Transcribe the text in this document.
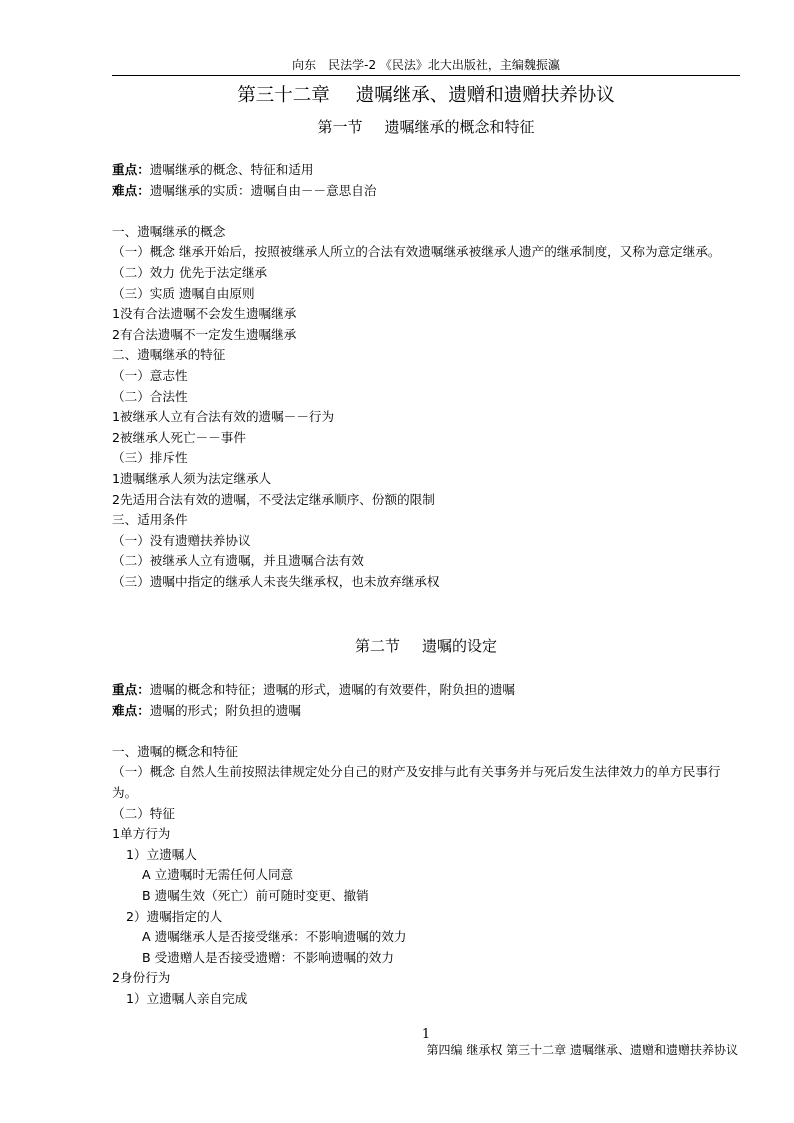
向东　民法学-2 《民法》北大出版社，主编魏振瀛
第三十二章 遗嘱继承、遗赠和遗赠扶养协议
第一节 遗嘱继承的概念和特征

重点：遗嘱继承的概念、特征和适用

难点：遗嘱继承的实质：遗嘱自由－－意思自治

一、遗嘱继承的概念

（一）概念 继承开始后，按照被继承人所立的合法有效遗嘱继承被继承人遗产的继承制度，又称为意定继承。

（二）效力 优先于法定继承

（三）实质 遗嘱自由原则

1没有合法遗嘱不会发生遗嘱继承

2有合法遗嘱不一定发生遗嘱继承

二、遗嘱继承的特征

（一）意志性

（二）合法性

1被继承人立有合法有效的遗嘱－－行为

2被继承人死亡－－事件

（三）排斥性

1遗嘱继承人须为法定继承人

2先适用合法有效的遗嘱，不受法定继承顺序、份额的限制

三、适用条件

（一）没有遗赠扶养协议

（二）被继承人立有遗嘱，并且遗嘱合法有效

（三）遗嘱中指定的继承人未丧失继承权，也未放弃继承权

第二节 遗嘱的设定

重点：遗嘱的概念和特征；遗嘱的形式，遗嘱的有效要件，附负担的遗嘱

难点：遗嘱的形式；附负担的遗嘱

一、遗嘱的概念和特征

（一）概念 自然人生前按照法律规定处分自己的财产及安排与此有关事务并与死后发生法律效力的单方民事行为。

（二）特征

1单方行为

1）立遗嘱人

A 立遗嘱时无需任何人同意

B 遗嘱生效（死亡）前可随时变更、撤销

2）遗嘱指定的人

A 遗嘱继承人是否接受继承：不影响遗嘱的效力

B 受遗赠人是否接受遗赠：不影响遗嘱的效力

2身份行为

1）立遗嘱人亲自完成

1
第四编 继承权 第三十二章 遗嘱继承、遗赠和遗赠扶养协议
